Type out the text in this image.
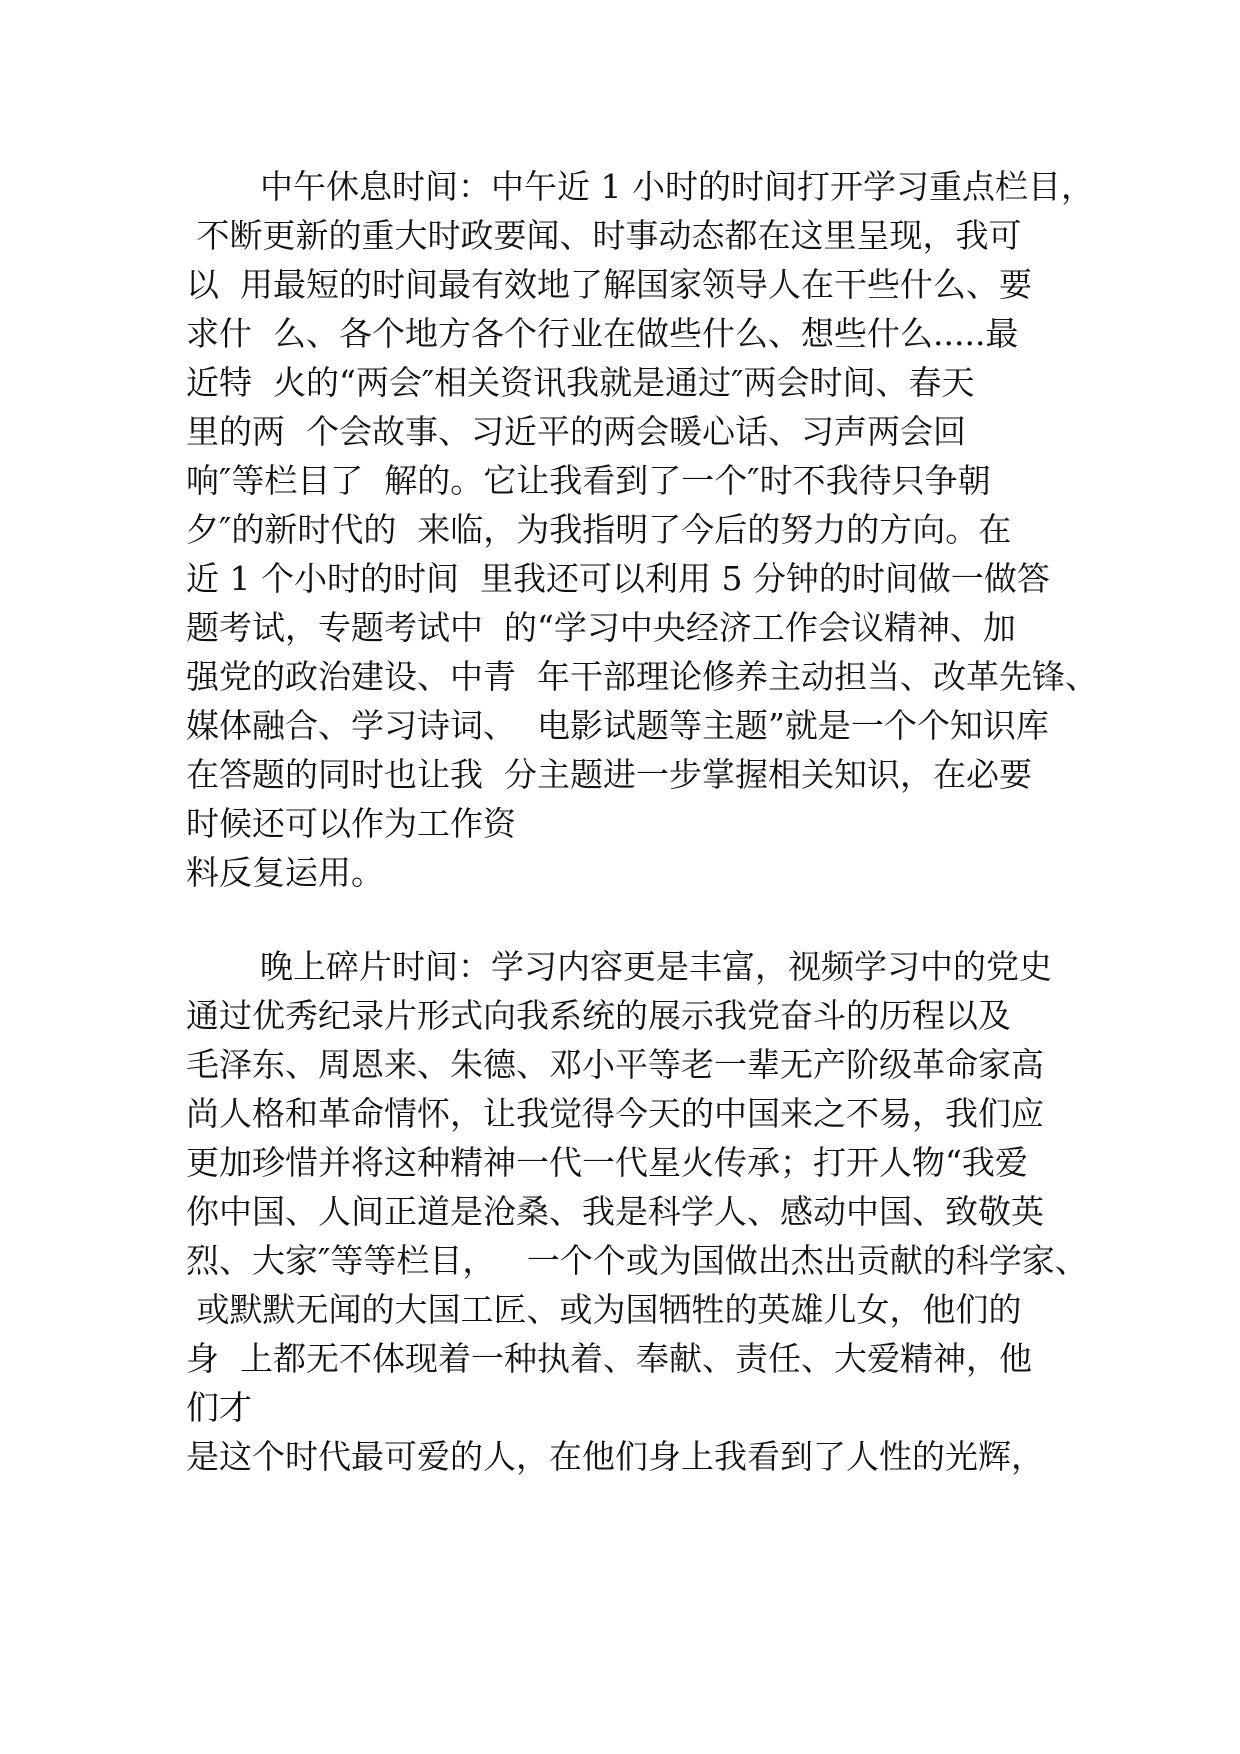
中午休息时间：中午近 1 小时的时间打开学习重点栏目，
不断更新的重大时政要闻、时事动态都在这里呈现，我可
以  用最短的时间最有效地了解国家领导人在干些什么、要
求什  么、各个地方各个行业在做些什么、想些什么.....最
近特  火的“两会″相关资讯我就是通过″两会时间、春天
里的两  个会故事、习近平的两会暖心话、习声两会回
响″等栏目了  解的。它让我看到了一个″时不我待只争朝
夕″的新时代的  来临，为我指明了今后的努力的方向。在
近 1 个小时的时间  里我还可以利用 5 分钟的时间做一做答
题考试，专题考试中  的“学习中央经济工作会议精神、加
强党的政治建设、中青  年干部理论修养主动担当、改革先锋、
媒体融合、学习诗词、  电影试题等主题”就是一个个知识库
在答题的同时也让我  分主题进一步掌握相关知识，在必要
时候还可以作为工作资
料反复运用。
晚上碎片时间：学习内容更是丰富，视频学习中的党史
通过优秀纪录片形式向我系统的展示我党奋斗的历程以及
毛泽东、周恩来、朱德、邓小平等老一辈无产阶级革命家高
尚人格和革命情怀，让我觉得今天的中国来之不易，我们应
更加珍惜并将这种精神一代一代星火传承；打开人物“我爱
你中国、人间正道是沧桑、我是科学人、感动中国、致敬英
烈、大家″等等栏目，   一个个或为国做出杰出贡献的科学家、
或默默无闻的大国工匠、或为国牺牲的英雄儿女，他们的
身  上都无不体现着一种执着、奉献、责任、大爱精神，他
们才
是这个时代最可爱的人，在他们身上我看到了人性的光辉，
